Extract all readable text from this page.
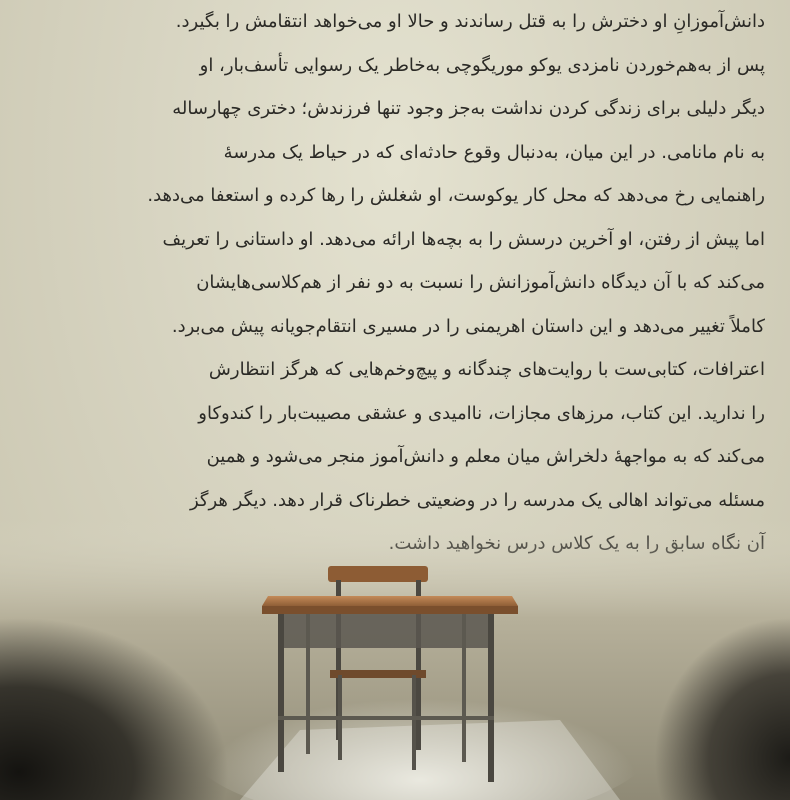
دانش‌آموزانِ او دخترش را به قتل رساندند و حالا او می‌خواهد انتقامش را بگیرد.

پس از به‌هم‌خوردن نامزدی یوکو موریگوچی به‌خاطر یک رسوایی تأسف‌بار، او

دیگر دلیلی برای زندگی کردن نداشت به‌جز وجود تنها فرزندش؛ دختری چهارساله

به نام مانامی. در این میان، به‌دنبال وقوع حادثه‌ای که در حیاط یک مدرسهٔ

راهنمایی رخ می‌دهد که محل کار یوکوست، او شغلش را رها کرده و استعفا می‌دهد.

اما پیش از رفتن، او آخرین درسش را به بچه‌ها ارائه می‌دهد. او داستانی را تعریف

می‌کند که با آن دیدگاه دانش‌آموزانش را نسبت به دو نفر از هم‌کلاسی‌هایشان

کاملاً تغییر می‌دهد و این داستان اهریمنی را در مسیری انتقام‌جویانه پیش می‌برد.

اعترافات، کتابی‌ست با روایت‌های چندگانه و پیچ‌وخم‌هایی که هرگز انتظارش

را ندارید. این کتاب، مرزهای مجازات، ناامیدی و عشقی مصیبت‌بار را کندوکاو

می‌کند که به مواجههٔ دلخراش میان معلم و دانش‌آموز منجر می‌شود و همین

مسئله می‌تواند اهالی یک مدرسه را در وضعیتی خطرناک قرار دهد. دیگر هرگز
